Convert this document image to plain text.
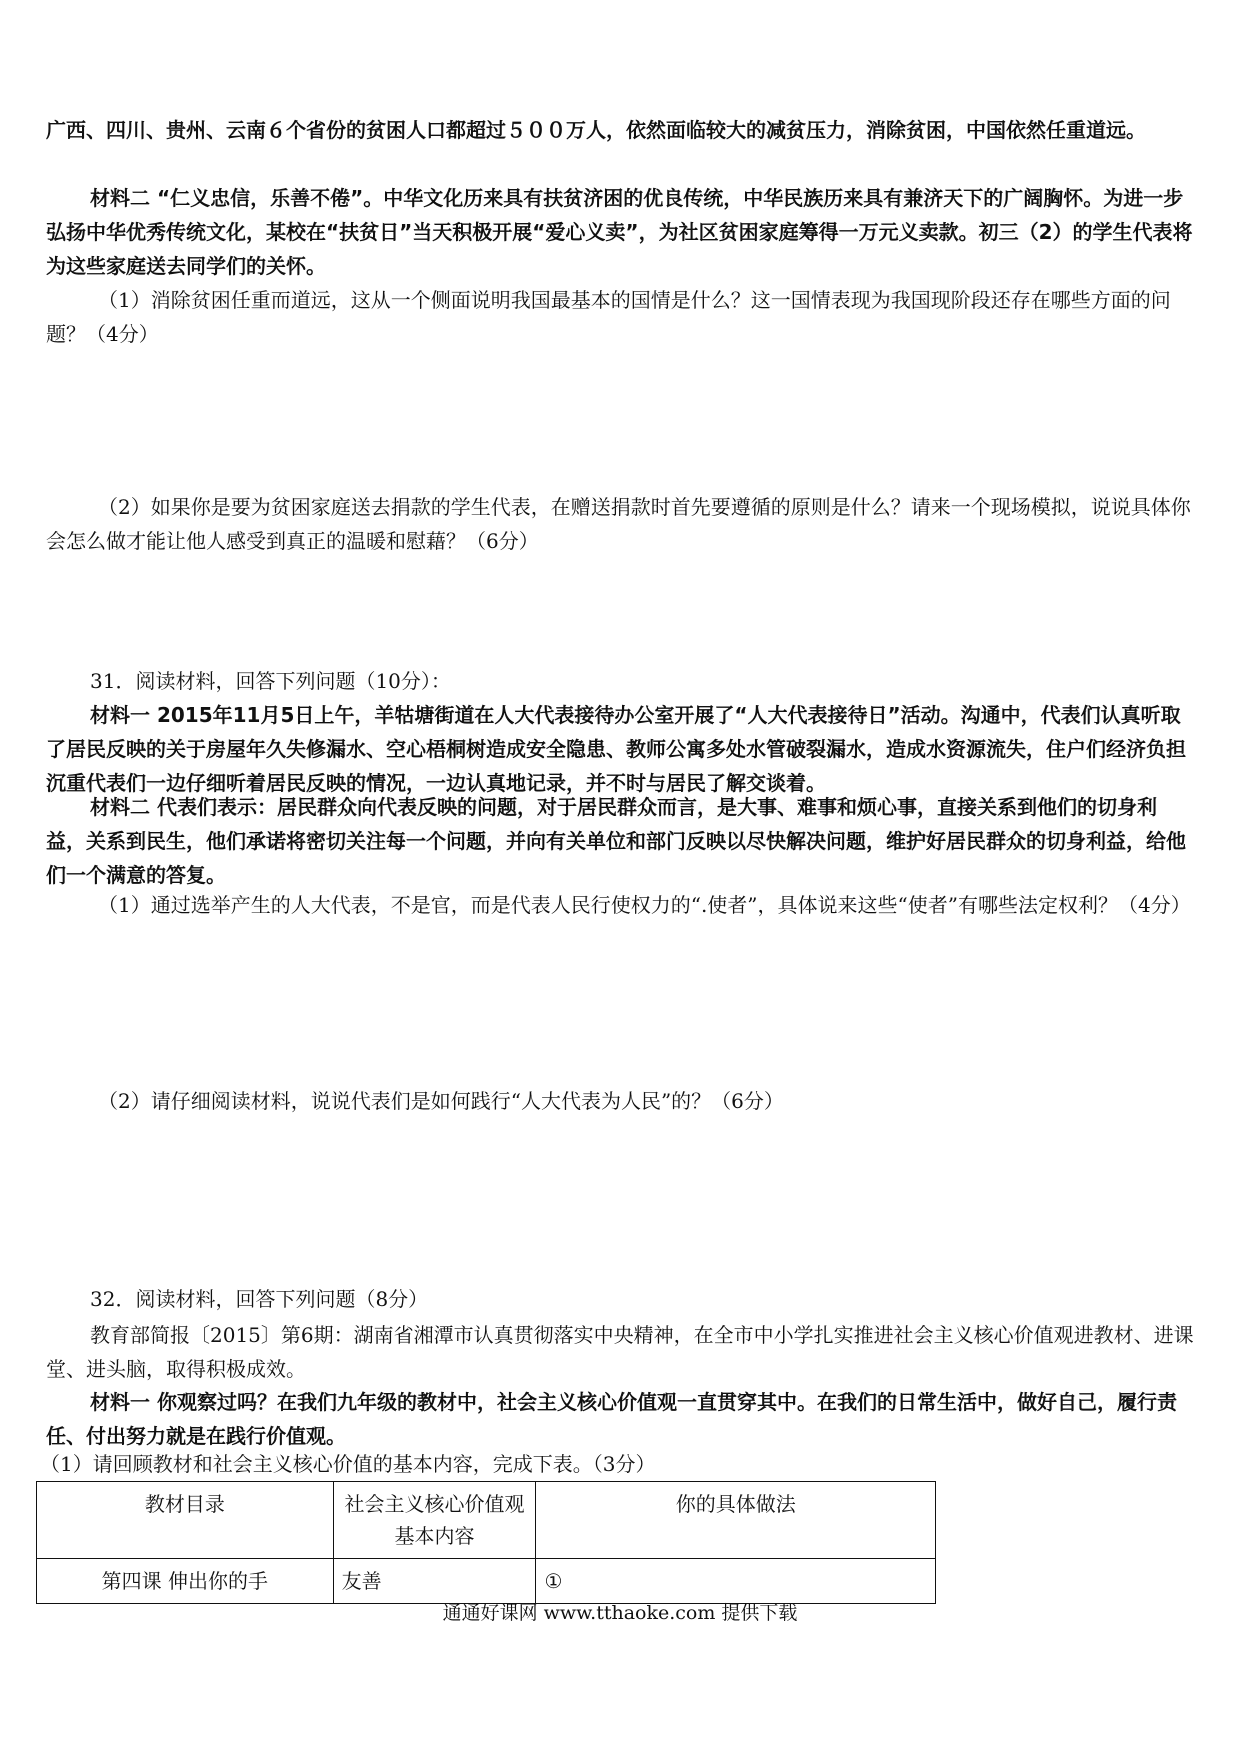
广西、四川、贵州、云南６个省份的贫困人口都超过５００万人，依然面临较大的减贫压力，消除贫困，中国依然任重道远。

材料二 “仁义忠信，乐善不倦”。中华文化历来具有扶贫济困的优良传统，中华民族历来具有兼济天下的广阔胸怀。为进一步弘扬中华优秀传统文化，某校在“扶贫日”当天积极开展“爱心义卖”，为社区贫困家庭筹得一万元义卖款。初三（2）的学生代表将为这些家庭送去同学们的关怀。

（1）消除贫困任重而道远，这从一个侧面说明我国最基本的国情是什么？这一国情表现为我国现阶段还存在哪些方面的问题？（4分）

（2）如果你是要为贫困家庭送去捐款的学生代表，在赠送捐款时首先要遵循的原则是什么？请来一个现场模拟，说说具体你会怎么做才能让他人感受到真正的温暖和慰藉？（6分）

31．阅读材料，回答下列问题（10分）：

材料一 2015年11月5日上午，羊牯塘街道在人大代表接待办公室开展了“人大代表接待日”活动。沟通中，代表们认真听取了居民反映的关于房屋年久失修漏水、空心梧桐树造成安全隐患、教师公寓多处水管破裂漏水，造成水资源流失，住户们经济负担沉重代表们一边仔细听着居民反映的情况，一边认真地记录，并不时与居民了解交谈着。

材料二 代表们表示：居民群众向代表反映的问题，对于居民群众而言，是大事、难事和烦心事，直接关系到他们的切身利益，关系到民生，他们承诺将密切关注每一个问题，并向有关单位和部门反映以尽快解决问题，维护好居民群众的切身利益，给他们一个满意的答复。

（1）通过选举产生的人大代表，不是官，而是代表人民行使权力的“.使者”，具体说来这些“使者”有哪些法定权利？（4分）

（2）请仔细阅读材料，说说代表们是如何践行“人大代表为人民”的？（6分）

32．阅读材料，回答下列问题（8分）

教育部简报〔2015〕第6期：湖南省湘潭市认真贯彻落实中央精神，在全市中小学扎实推进社会主义核心价值观进教材、进课堂、进头脑，取得积极成效。

材料一 你观察过吗？在我们九年级的教材中，社会主义核心价值观一直贯穿其中。在我们的日常生活中，做好自己，履行责任、付出努力就是在践行价值观。

（1）请回顾教材和社会主义核心价值的基本内容，完成下表。（3分）

教材目录	社会主义核心价值观基本内容	你的具体做法
第四课 伸出你的手	友善	①
通通好课网 www.tthaoke.com 提供下载
